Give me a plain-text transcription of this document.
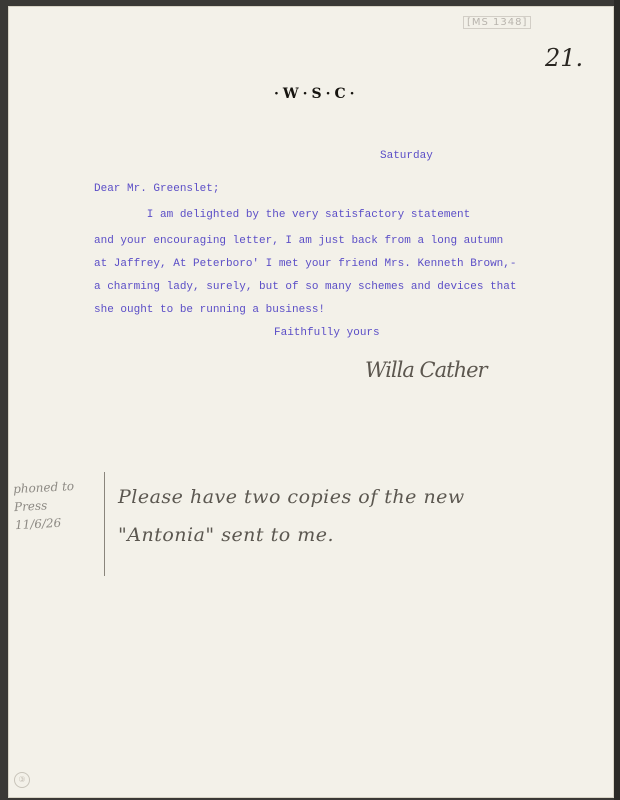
[MS 1348]
21.
·W·S·C·
Saturday
Dear Mr. Greenslet;
I am delighted by the very satisfactory statement
and your encouraging letter, I am just back from a long autumn
at Jaffrey, At Peterboro' I met your friend Mrs. Kenneth Brown,-
a charming lady, surely, but of so many schemes and devices that
she ought to be running a business!
Faithfully yours
Willa Cather
phoned to Press 11/6/26
Please have two copies of the new
"Antonia" sent to me.
③
